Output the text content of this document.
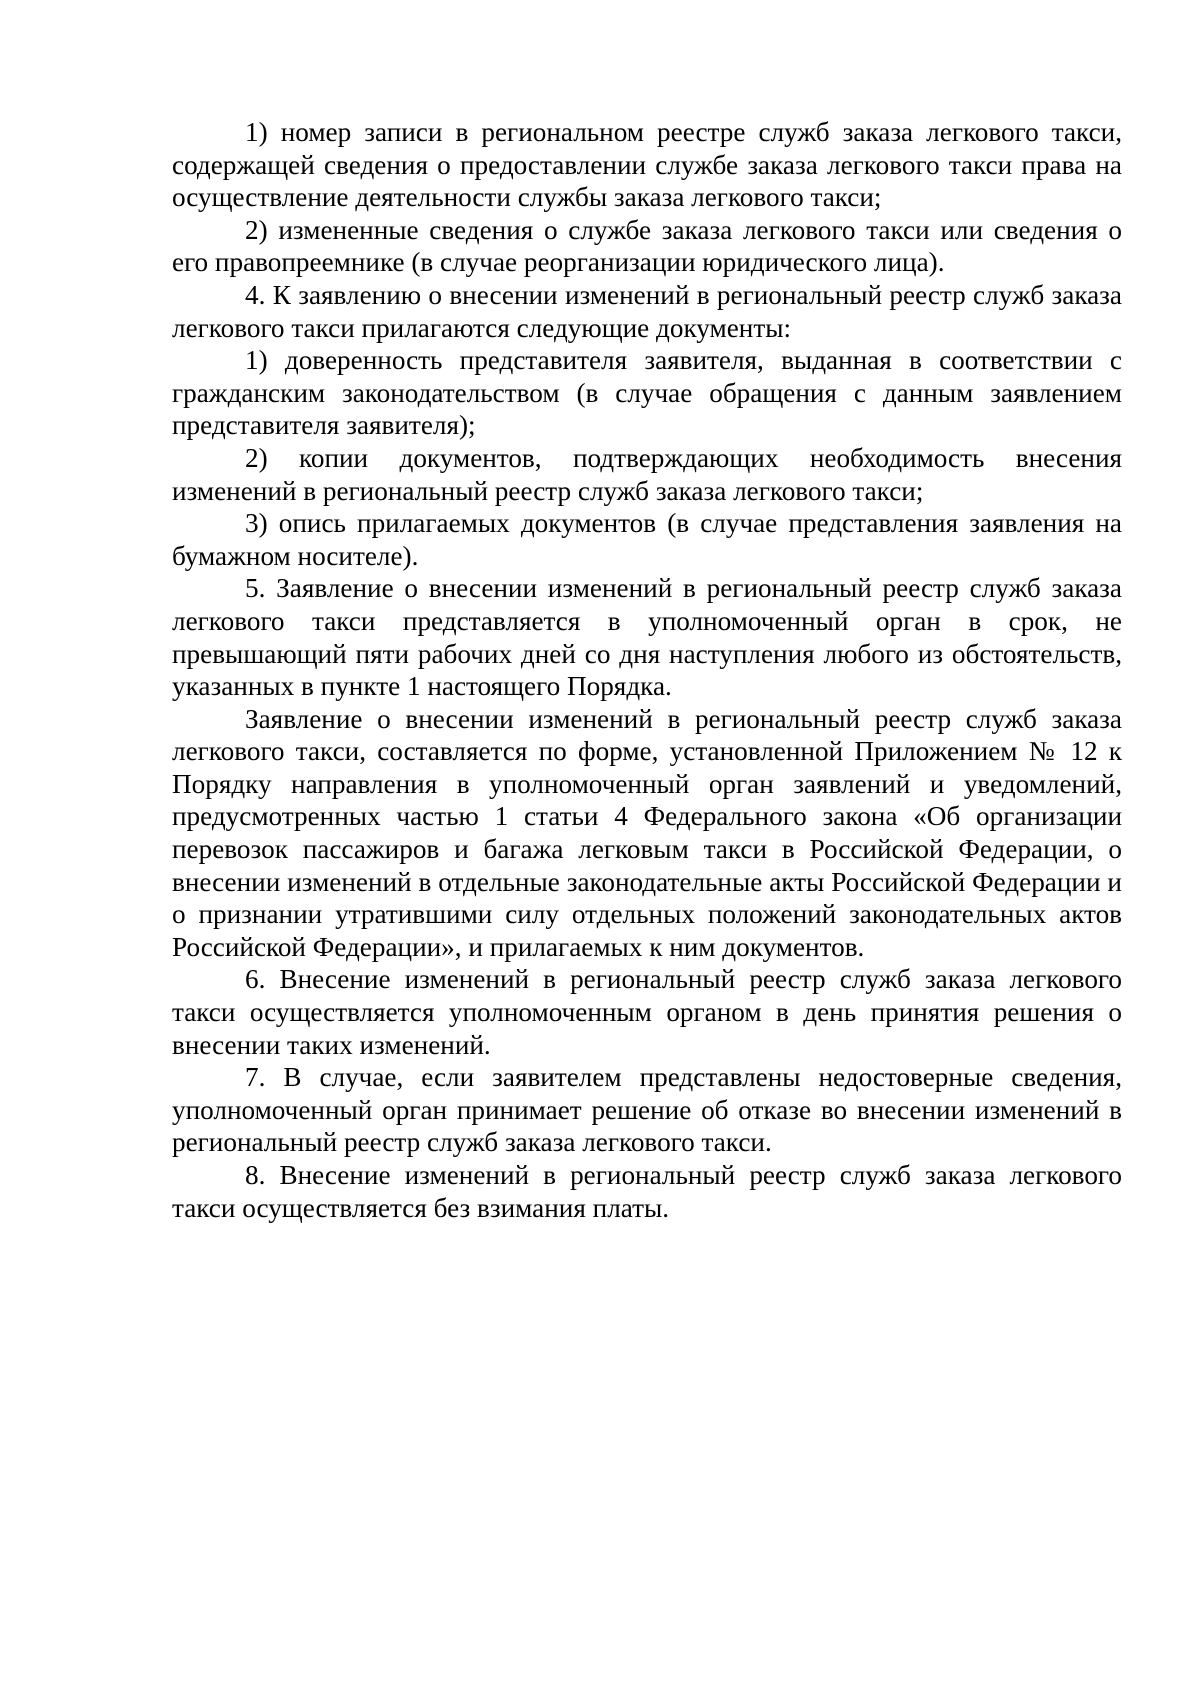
1) номер записи в региональном реестре служб заказа легкового такси, содержащей сведения о предоставлении службе заказа легкового такси права на осуществление деятельности службы заказа легкового такси;

2) измененные сведения о службе заказа легкового такси или сведения о его правопреемнике (в случае реорганизации юридического лица).

4. К заявлению о внесении изменений в региональный реестр служб заказа легкового такси прилагаются следующие документы:

1) доверенность представителя заявителя, выданная в соответствии с гражданским законодательством (в случае обращения с данным заявлением представителя заявителя);

2) копии документов, подтверждающих необходимость внесения изменений в региональный реестр служб заказа легкового такси;

3) опись прилагаемых документов (в случае представления заявления на бумажном носителе).

5. Заявление о внесении изменений в региональный реестр служб заказа легкового такси представляется в уполномоченный орган в срок, не превышающий пяти рабочих дней со дня наступления любого из обстоятельств, указанных в пункте 1 настоящего Порядка.

Заявление о внесении изменений в региональный реестр служб заказа легкового такси, составляется по форме, установленной Приложением № 12 к Порядку направления в уполномоченный орган заявлений и уведомлений, предусмотренных частью 1 статьи 4 Федерального закона «Об организации перевозок пассажиров и багажа легковым такси в Российской Федерации, о внесении изменений в отдельные законодательные акты Российской Федерации и о признании утратившими силу отдельных положений законодательных актов Российской Федерации», и прилагаемых к ним документов.

6. Внесение изменений в региональный реестр служб заказа легкового такси осуществляется уполномоченным органом в день принятия решения о внесении таких изменений.

7. В случае, если заявителем представлены недостоверные сведения, уполномоченный орган принимает решение об отказе во внесении изменений в региональный реестр служб заказа легкового такси.

8. Внесение изменений в региональный реестр служб заказа легкового такси осуществляется без взимания платы.
